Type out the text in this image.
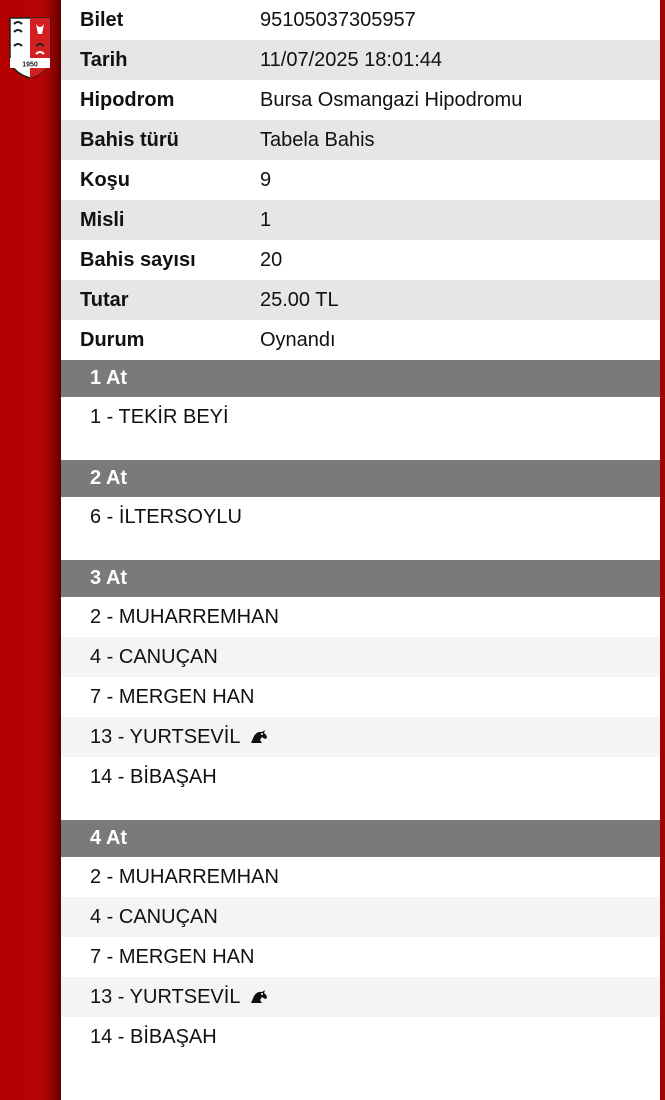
1950
Bilet	95105037305957
Tarih	11/07/2025 18:01:44
Hipodrom	Bursa Osmangazi Hipodromu
Bahis türü	Tabela Bahis
Koşu	9
Misli	1
Bahis sayısı	20
Tutar	25.00 TL
Durum	Oynandı
1 At
1 - TEKİR BEYİ
2 At
6 - İLTERSOYLU
3 At
2 - MUHARREMHAN
4 - CANUÇAN
7 - MERGEN HAN
13 - YURTSEVİL
14 - BİBAŞAH
4 At
2 - MUHARREMHAN
4 - CANUÇAN
7 - MERGEN HAN
13 - YURTSEVİL
14 - BİBAŞAH
